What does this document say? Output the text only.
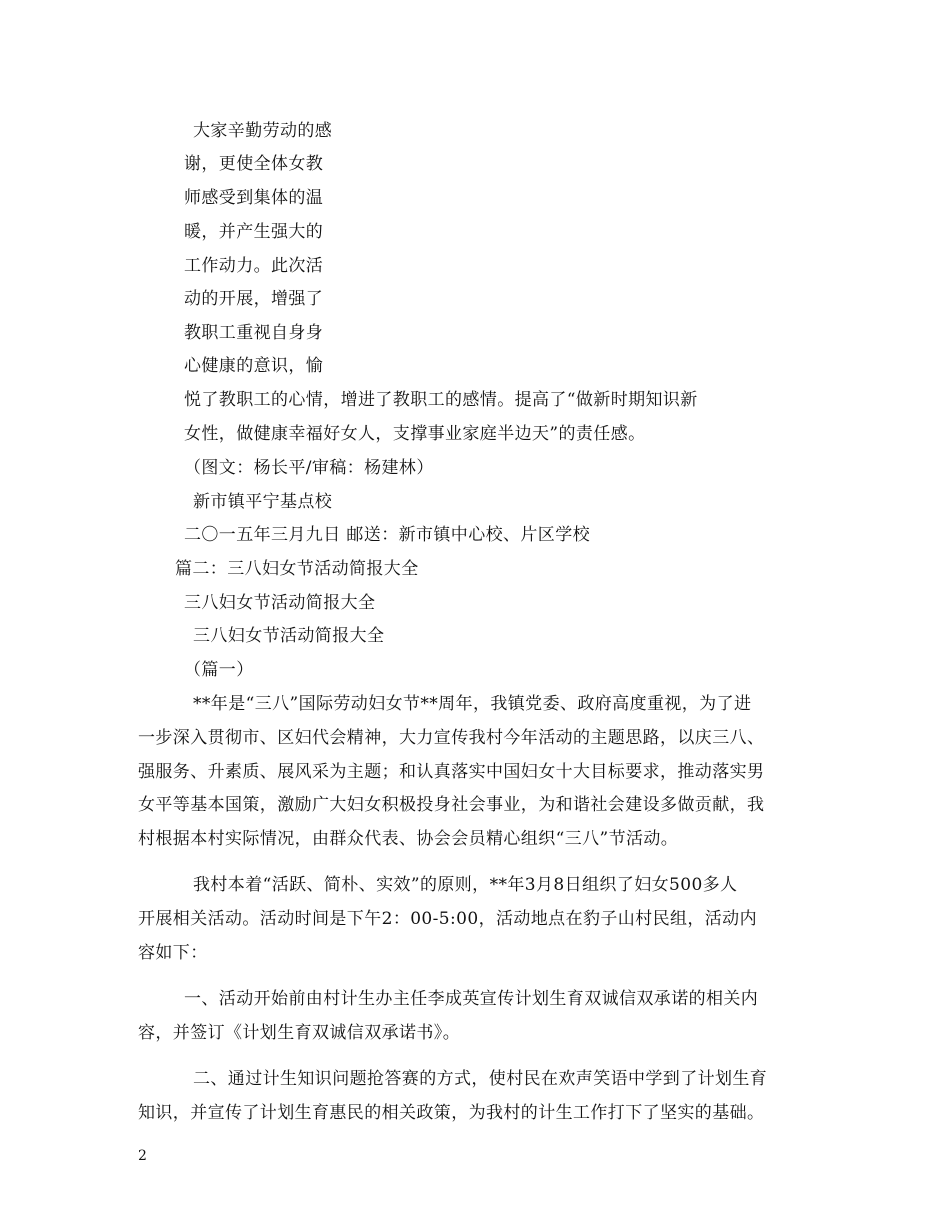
大家辛勤劳动的感
谢，更使全体女教
师感受到集体的温
暖，并产生强大的
工作动力。此次活
动的开展，增强了
教职工重视自身身
心健康的意识，愉
悦了教职工的心情，增进了教职工的感情。提高了“做新时期知识新
女性，做健康幸福好女人，支撑事业家庭半边天”的责任感。
（图文：杨长平/审稿：杨建林）
新市镇平宁基点校
二〇一五年三月九日 邮送：新市镇中心校、片区学校
篇二：三八妇女节活动简报大全
三八妇女节活动简报大全
三八妇女节活动简报大全
（篇一）
**年是“三八”国际劳动妇女节**周年，我镇党委、政府高度重视，为了进
一步深入贯彻市、区妇代会精神，大力宣传我村今年活动的主题思路，以庆三八、
强服务、升素质、展风采为主题；和认真落实中国妇女十大目标要求，推动落实男
女平等基本国策，激励广大妇女积极投身社会事业，为和谐社会建设多做贡献，我
村根据本村实际情况，由群众代表、协会会员精心组织“三八”节活动。
我村本着“活跃、简朴、实效”的原则，**年3月8日组织了妇女500多人
开展相关活动。活动时间是下午2：00-5:00，活动地点在豹子山村民组，活动内
容如下：
一、活动开始前由村计生办主任李成英宣传计划生育双诚信双承诺的相关内
容，并签订《计划生育双诚信双承诺书》。
二、通过计生知识问题抢答赛的方式，使村民在欢声笑语中学到了计划生育
知识，并宣传了计划生育惠民的相关政策，为我村的计生工作打下了坚实的基础。
2
